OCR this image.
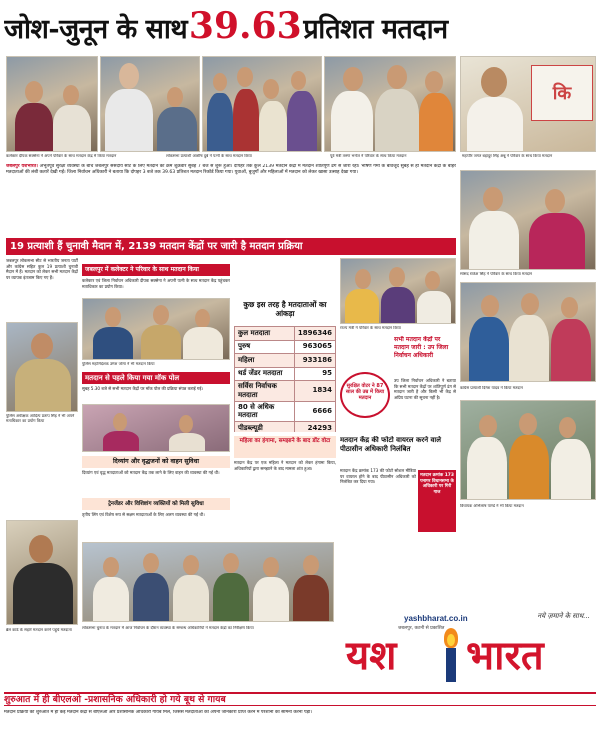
जोश-जुनून के साथ 39.63 प्रतिशत मतदान
कि
कलेक्टर दीपक सक्सेना ने अपने परिवार के साथ मतदान केंद्र में किया मतदान	लोकसभा प्रत्याशी आशीष दुबे ने पत्नी के साथ मतदान किया	पूर्व मंत्री तरुण भनोत ने परिवार के साथ किया मतदान	महापौर जगत बहादुर सिंह अन्नू ने परिवार के साथ किया मतदान
जबलपुर यशभारत। अभूतपूर्व सुरक्षा व्यवस्था के बीच जबलपुर संसदीय सीट के लिए मतदान का क्रम शुक्रवार सुबह 7 बजे से शुरू हुआ। दोपहर तक कुल 2139 मतदान केंद्रों में मतदान शांतिपूर्ण ढंग से जारी रहा। भीषण गर्मी के बावजूद सुबह से ही मतदान केंद्रों के बाहर मतदाताओं की लंबी कतारें देखी गईं। जिला निर्वाचन अधिकारी ने बताया कि दोपहर 3 बजे तक 39.63 प्रतिशत मतदान रिकॉर्ड किया गया। युवाओं, बुजुर्गों और महिलाओं में मतदान को लेकर खासा उत्साह देखा गया।
सांसद राकेश सिंह ने परिवार के साथ किया मतदान
19 प्रत्याशी हैं चुनावी मैदान में, 2139 मतदान केंद्रों पर जारी है मतदान प्रक्रिया
जबलपुर लोकसभा सीट से भारतीय जनता पार्टी और कांग्रेस सहित कुल 19 प्रत्याशी चुनावी मैदान में हैं। मतदान को लेकर सभी मतदान केंद्रों पर व्यापक इंतजाम किए गए हैं।
पुलिस अधीक्षक आदित्य प्रताप सिंह ने भी अपने मताधिकार का प्रयोग किया
ब्रेल कार्ड के सहारे मतदान करने पहुंचे मतदाता
जबलपुर में कलेक्टर ने परिवार के साथ मतदान किया
कलेक्टर एवं जिला निर्वाचन अधिकारी दीपक सक्सेना ने अपनी पत्नी के साथ मतदान केंद्र पहुंचकर मताधिकार का प्रयोग किया।
पुलिस महानिदेशक उमेश जोगा ने भी मतदान किया
मतदान से पहले किया गया मॉक पोल
सुबह 5.30 बजे से सभी मतदान केंद्रों पर मॉक पोल की प्रक्रिया संपन्न कराई गई।
दिव्यांग और वृद्धजनों को वाहन सुविधा
दिव्यांग एवं वृद्ध मतदाताओं को मतदान केंद्र तक लाने के लिए वाहन की व्यवस्था की गई थी।
ट्रेनजेंडर और विशिष्टांग व्यक्तियों को मिली सुविधा
तृतीय लिंग एवं विशेष रूप से सक्षम मतदाताओं के लिए अलग व्यवस्था की गई थी।
कुछ इस तरह है मतदाताओं का आंकड़ा
कुल मतदाता	1896346
पुरुष	963065
महिला	933186
थर्ड जेंडर मतदाता	95
सर्विस निर्वाचक मतदाता	1834
80 से अधिक मतदाता	6666
पीडब्ल्यूडी	24293
महिला का हंगामा, समझाने के बाद डोंट वोटा
मतदान केंद्र पर एक महिला ने मतदान को लेकर हंगामा किया, अधिकारियों द्वारा समझाने के बाद मामला शांत हुआ।
सुरक्षित वोटर ने 87 साल की उम्र में किया मतदान
राज्य मंत्री ने परिवार के साथ मतदान किया
सभी मतदान केंद्रों पर मतदान जारी : उप जिला निर्वाचन अधिकारी
उप जिला निर्वाचन अधिकारी ने बताया कि सभी मतदान केंद्रों पर शांतिपूर्ण ढंग से मतदान जारी है और किसी भी केंद्र से अप्रिय घटना की सूचना नहीं है।
मतदान केंद्र की फोटो वायरल करने वाले पीठासीन अधिकारी निलंबित
मतदान केंद्र क्रमांक 173 की फोटो सोशल मीडिया पर वायरल होने के बाद पीठासीन अधिकारी को निलंबित कर दिया गया।
मतदान क्रमांक 173 पनागर विधानसभा के अधिकारी पर गिरी गाज
कांग्रेस प्रत्याशी दिनेश यादव ने किया मतदान
विधायक अभिलाष पाण्डे ने भी किया मतदान
लोकसभा चुनाव के मतदान में आज निर्वाचन के दौरान व्यवस्था के सम्बन्ध अधिकारियों ने मतदान केंद्रों का निरीक्षण किया
yashbharat.co.in	नये ज़माने के साथ...
जबलपुर, कटनी से प्रकाशित
यश भारत
शुरुआत में ही बीएलओ -प्रशासनिक अधिकारी हो गये बूथ से गायब
मतदान प्रक्रिया की शुरुआत में ही कई मतदान केंद्रों से बीएलओ और प्रशासनिक अधिकारी गायब मिले, जिससे मतदाताओं को अपनी जानकारी प्राप्त करने में परेशानी का सामना करना पड़ा।
